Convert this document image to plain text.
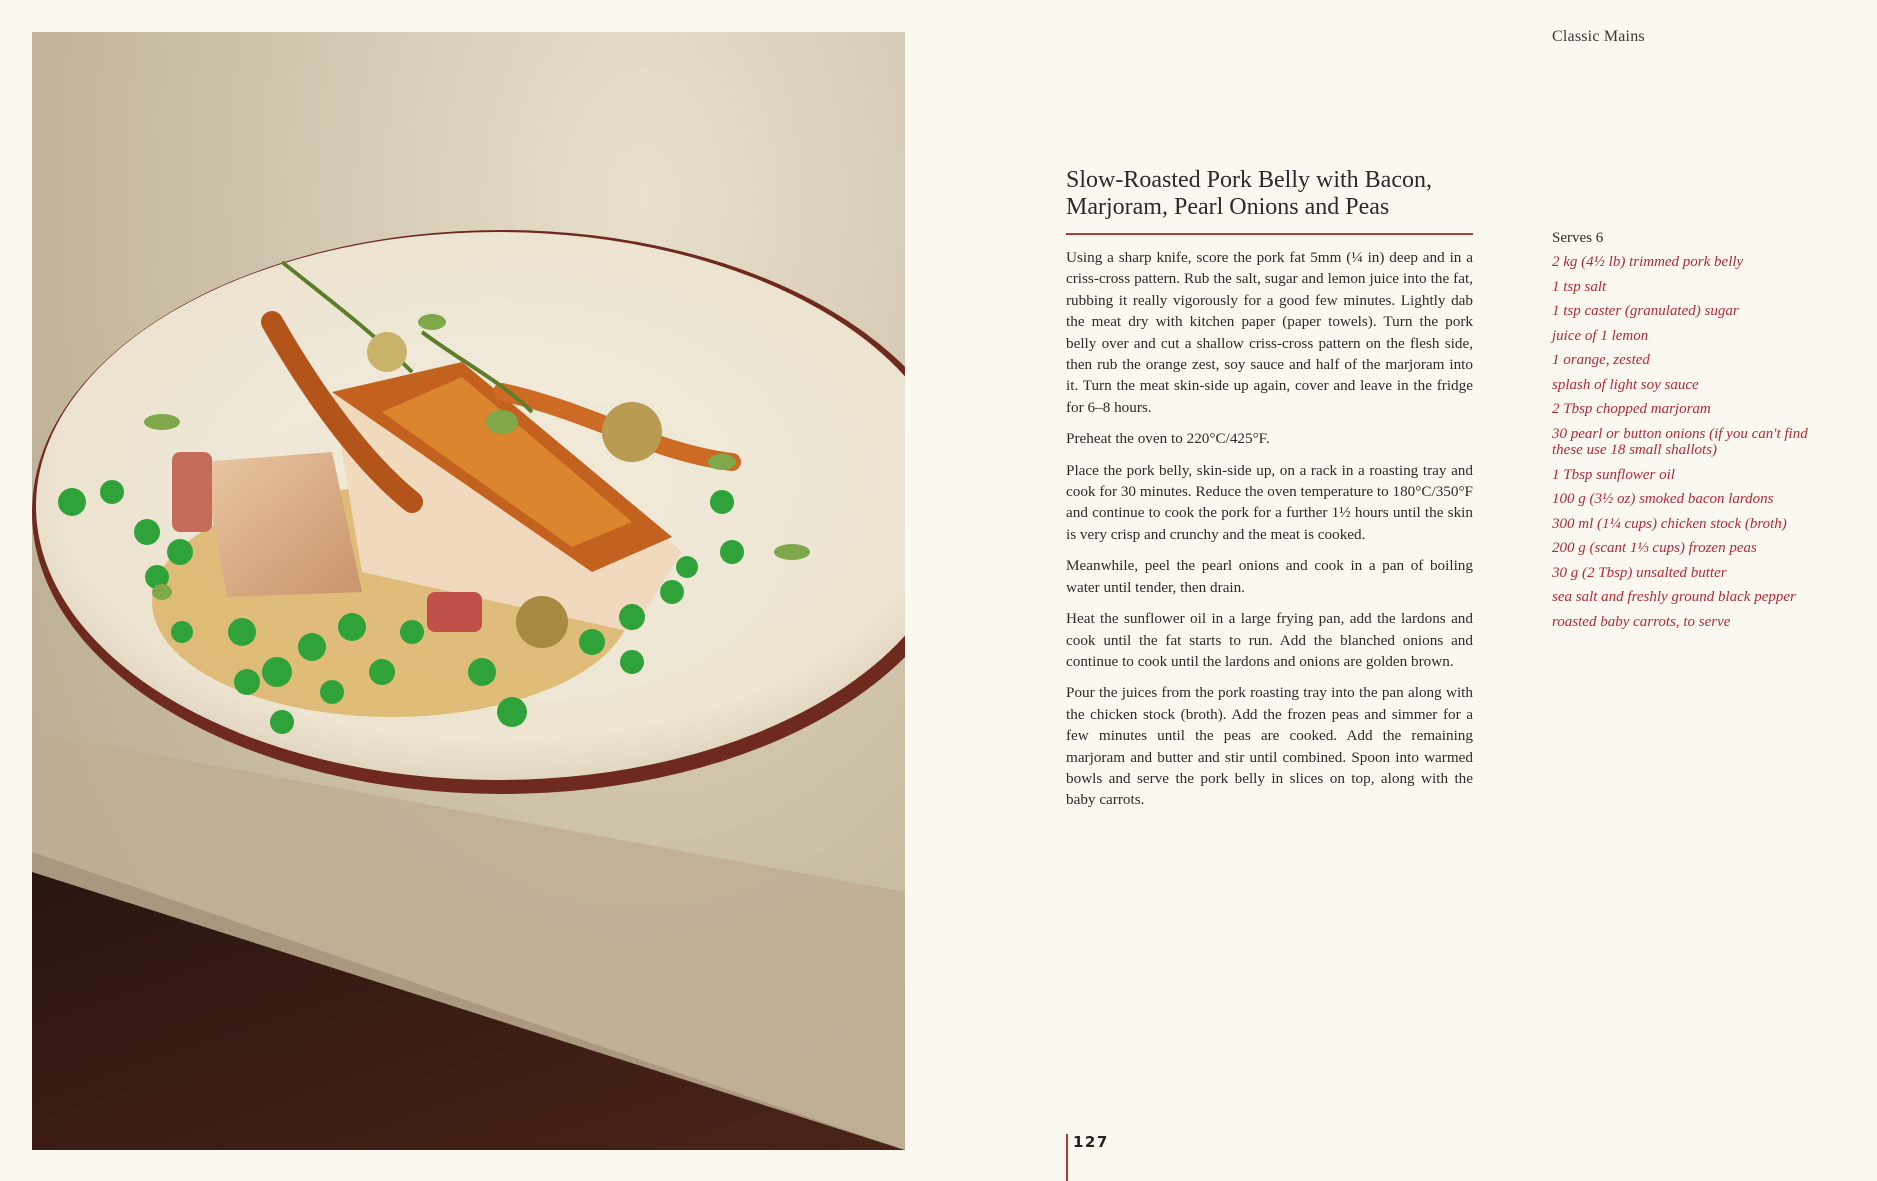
Classic Mains
Slow-Roasted Pork Belly with Bacon,
Marjoram, Pearl Onions and Peas

Using a sharp knife, score the pork fat 5mm (¼ in) deep and in a criss-cross pattern. Rub the salt, sugar and lemon juice into the fat, rubbing it really vigorously for a good few minutes. Lightly dab the meat dry with kitchen paper (paper towels). Turn the pork belly over and cut a shallow criss-cross pattern on the flesh side, then rub the orange zest, soy sauce and half of the marjoram into it. Turn the meat skin-side up again, cover and leave in the fridge for 6–8 hours.

Preheat the oven to 220°C/425°F.

Place the pork belly, skin-side up, on a rack in a roasting tray and cook for 30 minutes. Reduce the oven temperature to 180°C/350°F and continue to cook the pork for a further 1½ hours until the skin is very crisp and crunchy and the meat is cooked.

Meanwhile, peel the pearl onions and cook in a pan of boiling water until tender, then drain.

Heat the sunflower oil in a large frying pan, add the lardons and cook until the fat starts to run. Add the blanched onions and continue to cook until the lardons and onions are golden brown.

Pour the juices from the pork roasting tray into the pan along with the chicken stock (broth). Add the frozen peas and simmer for a few minutes until the peas are cooked. Add the remaining marjoram and butter and stir until combined. Spoon into warmed bowls and serve the pork belly in slices on top, along with the baby carrots.

Serves 6
2 kg (4½ lb) trimmed pork belly
1 tsp salt
1 tsp caster (granulated) sugar
juice of 1 lemon
1 orange, zested
splash of light soy sauce
2 Tbsp chopped marjoram
30 pearl or button onions (if you can't find these use 18 small shallots)
1 Tbsp sunflower oil
100 g (3½ oz) smoked bacon lardons
300 ml (1¼ cups) chicken stock (broth)
200 g (scant 1⅓ cups) frozen peas
30 g (2 Tbsp) unsalted butter
sea salt and freshly ground black pepper
roasted baby carrots, to serve
127
